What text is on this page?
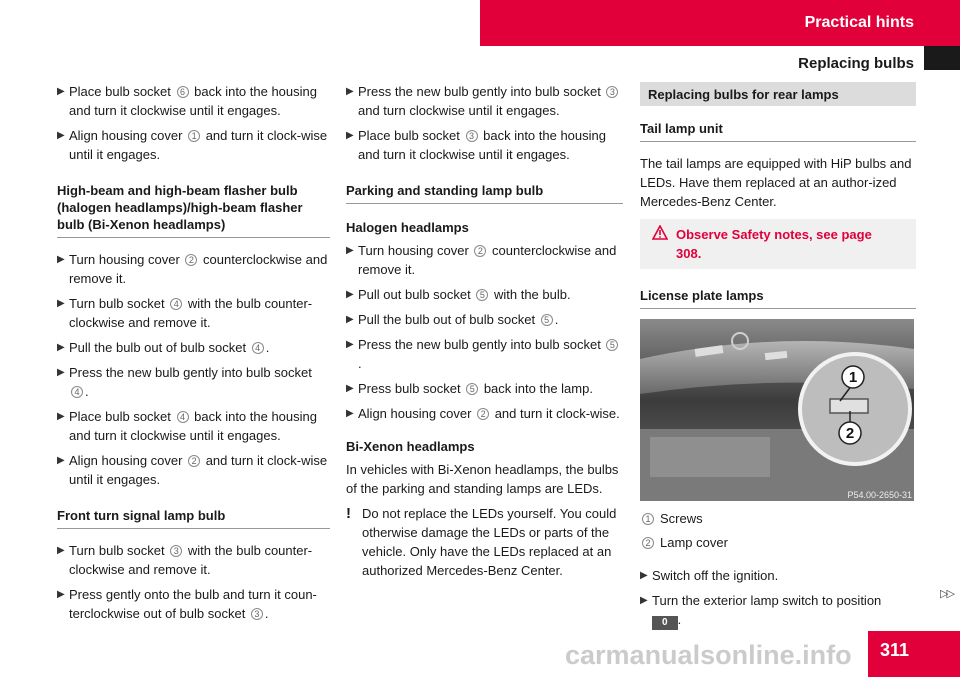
Practical hints
Replacing bulbs
▶ Place bulb socket 6 back into the housing and turn it clockwise until it engages.
▶ Align housing cover 1 and turn it clock-wise until it engages.
High-beam and high-beam flasher bulb (halogen headlamps)/high-beam flasher bulb (Bi-Xenon headlamps)
▶ Turn housing cover 2 counterclockwise and remove it.
▶ Turn bulb socket 4 with the bulb counter-clockwise and remove it.
▶ Pull the bulb out of bulb socket 4 .
▶ Press the new bulb gently into bulb socket 4 .
▶ Place bulb socket 4 back into the housing and turn it clockwise until it engages.
▶ Align housing cover 2 and turn it clock-wise until it engages.
Front turn signal lamp bulb
▶ Turn bulb socket 3 with the bulb counter-clockwise and remove it.
▶ Press gently onto the bulb and turn it coun-terclockwise out of bulb socket 3 .
▶ Press the new bulb gently into bulb socket 3 and turn clockwise until it engages.
▶ Place bulb socket 3 back into the housing and turn it clockwise until it engages.
Parking and standing lamp bulb
Halogen headlamps
▶ Turn housing cover 2 counterclockwise and remove it.
▶ Pull out bulb socket 5 with the bulb.
▶ Pull the bulb out of bulb socket 5 .
▶ Press the new bulb gently into bulb socket 5.
▶ Press bulb socket 5 back into the lamp.
▶ Align housing cover 2 and turn it clock-wise.
Bi-Xenon headlamps
In vehicles with Bi-Xenon headlamps, the bulbs of the parking and standing lamps are LEDs.
! Do not replace the LEDs yourself. You could otherwise damage the LEDs or parts of the vehicle. Only have the LEDs replaced at an authorized Mercedes-Benz Center.
Replacing bulbs for rear lamps
Tail lamp unit
The tail lamps are equipped with HiP bulbs and LEDs. Have them replaced at an author-ized Mercedes-Benz Center.
Observe Safety notes, see page 308.
License plate lamps
1
2
P54.00-2650-31
1 Screws
2 Lamp cover
▶ Switch off the ignition.
▶ Turn the exterior lamp switch to position
0 .
▷▷
311
carmanualsonline.info
